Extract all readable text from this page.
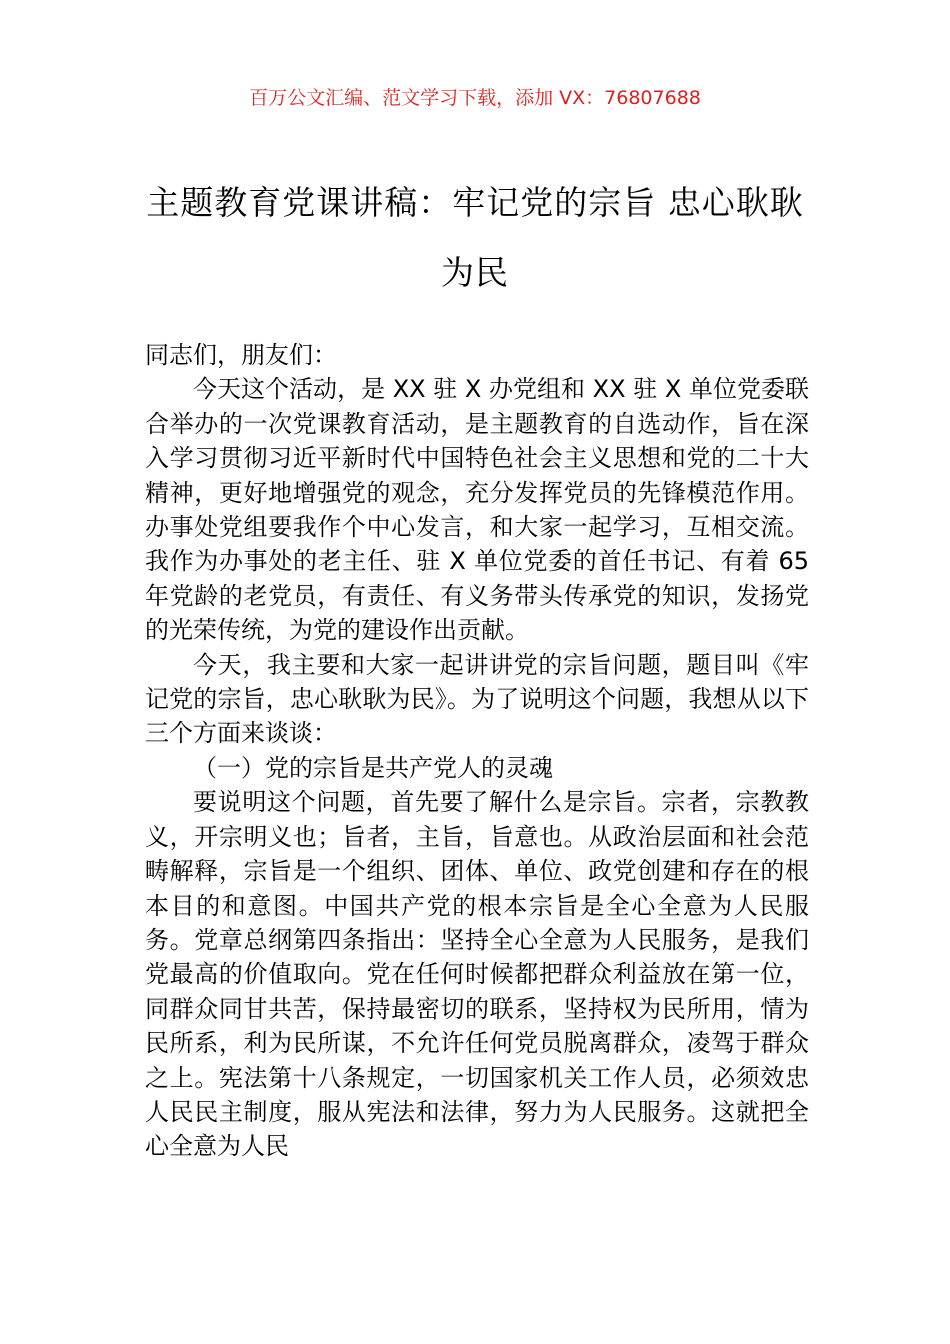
百万公文汇编、范文学习下载，添加 VX：76807688
主题教育党课讲稿：牢记党的宗旨 忠心耿耿为民

同志们，朋友们：

今天这个活动，是 XX 驻 X 办党组和 XX 驻 X 单位党委联合举办的一次党课教育活动，是主题教育的自选动作，旨在深入学习贯彻习近平新时代中国特色社会主义思想和党的二十大精神，更好地增强党的观念，充分发挥党员的先锋模范作用。办事处党组要我作个中心发言，和大家一起学习，互相交流。我作为办事处的老主任、驻 X 单位党委的首任书记、有着 65 年党龄的老党员，有责任、有义务带头传承党的知识，发扬党的光荣传统，为党的建设作出贡献。

今天，我主要和大家一起讲讲党的宗旨问题，题目叫《牢记党的宗旨，忠心耿耿为民》。为了说明这个问题，我想从以下三个方面来谈谈：

（一）党的宗旨是共产党人的灵魂

要说明这个问题，首先要了解什么是宗旨。宗者，宗教教义，开宗明义也；旨者，主旨，旨意也。从政治层面和社会范畴解释，宗旨是一个组织、团体、单位、政党创建和存在的根本目的和意图。中国共产党的根本宗旨是全心全意为人民服务。党章总纲第四条指出：坚持全心全意为人民服务，是我们党最高的价值取向。党在任何时候都把群众利益放在第一位，同群众同甘共苦，保持最密切的联系，坚持权为民所用，情为民所系，利为民所谋，不允许任何党员脱离群众，凌驾于群众之上。宪法第十八条规定，一切国家机关工作人员，必须效忠人民民主制度，服从宪法和法律，努力为人民服务。这就把全心全意为人民
